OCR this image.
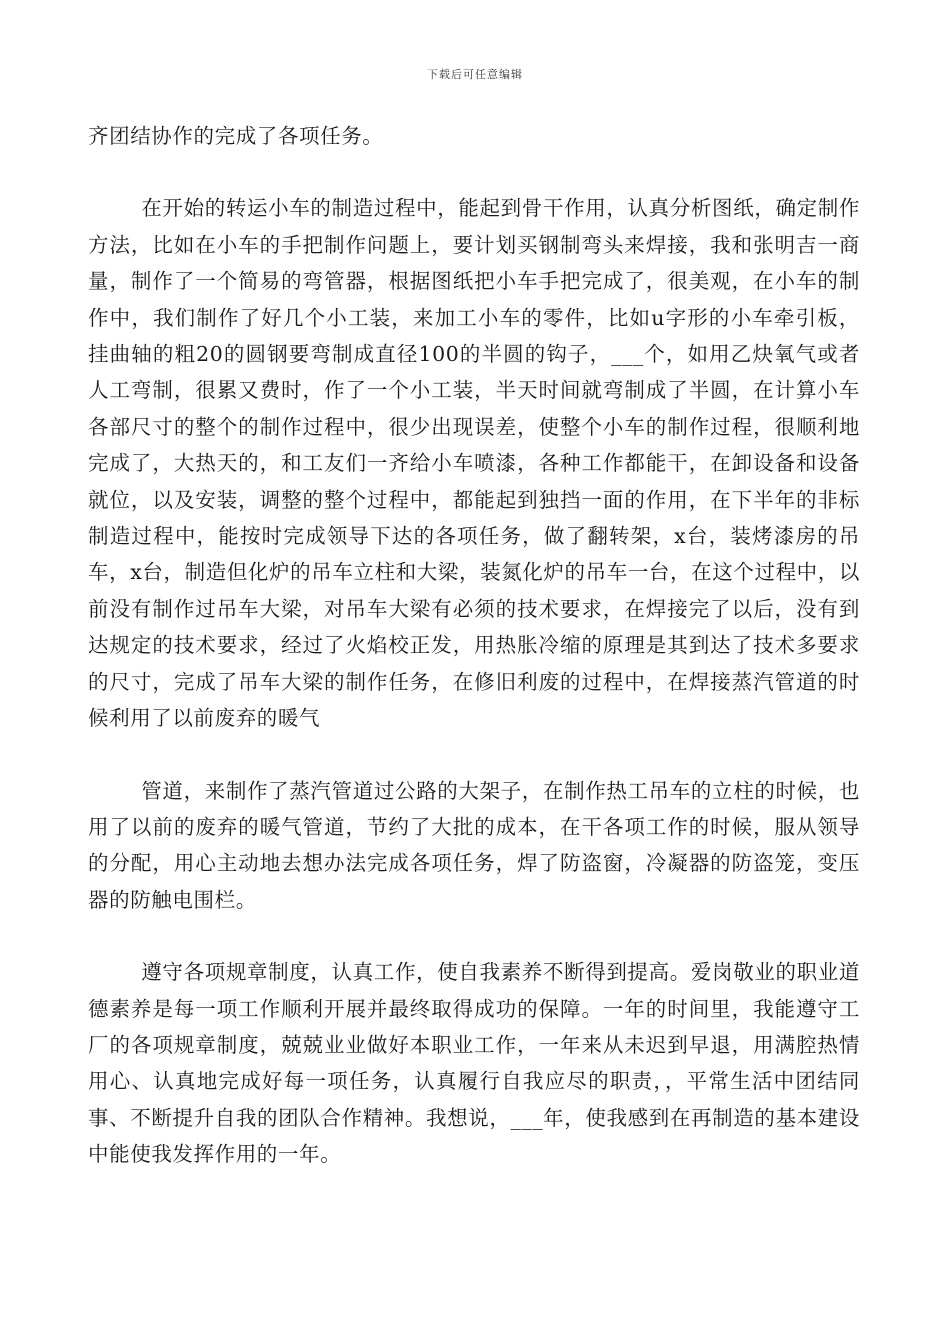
下载后可任意编辑

齐团结协作的完成了各项任务。

在开始的转运小车的制造过程中，能起到骨干作用，认真分析图纸，确定制作方法，比如在小车的手把制作问题上，要计划买钢制弯头来焊接，我和张明吉一商量，制作了一个简易的弯管器，根据图纸把小车手把完成了，很美观，在小车的制作中，我们制作了好几个小工装，来加工小车的零件，比如u字形的小车牵引板，挂曲轴的粗20的圆钢要弯制成直径100的半圆的钩子，___个，如用乙炔氧气或者人工弯制，很累又费时，作了一个小工装，半天时间就弯制成了半圆，在计算小车各部尺寸的整个的制作过程中，很少出现误差，使整个小车的制作过程，很顺利地完成了，大热天的，和工友们一齐给小车喷漆，各种工作都能干，在卸设备和设备就位，以及安装，调整的整个过程中，都能起到独挡一面的作用，在下半年的非标制造过程中，能按时完成领导下达的各项任务，做了翻转架，x台，装烤漆房的吊车，x台，制造但化炉的吊车立柱和大梁，装氮化炉的吊车一台，在这个过程中，以前没有制作过吊车大梁，对吊车大梁有必须的技术要求，在焊接完了以后，没有到达规定的技术要求，经过了火焰校正发，用热胀冷缩的原理是其到达了技术多要求的尺寸，完成了吊车大梁的制作任务，在修旧利废的过程中，在焊接蒸汽管道的时候利用了以前废弃的暖气

管道，来制作了蒸汽管道过公路的大架子，在制作热工吊车的立柱的时候，也用了以前的废弃的暖气管道，节约了大批的成本，在干各项工作的时候，服从领导的分配，用心主动地去想办法完成各项任务，焊了防盗窗，冷凝器的防盗笼，变压器的防触电围栏。

遵守各项规章制度，认真工作，使自我素养不断得到提高。爱岗敬业的职业道德素养是每一项工作顺利开展并最终取得成功的保障。一年的时间里，我能遵守工厂的各项规章制度，兢兢业业做好本职业工作，一年来从未迟到早退，用满腔热情用心、认真地完成好每一项任务，认真履行自我应尽的职责，，平常生活中团结同事、不断提升自我的团队合作精神。我想说，___年，使我感到在再制造的基本建设中能使我发挥作用的一年。
